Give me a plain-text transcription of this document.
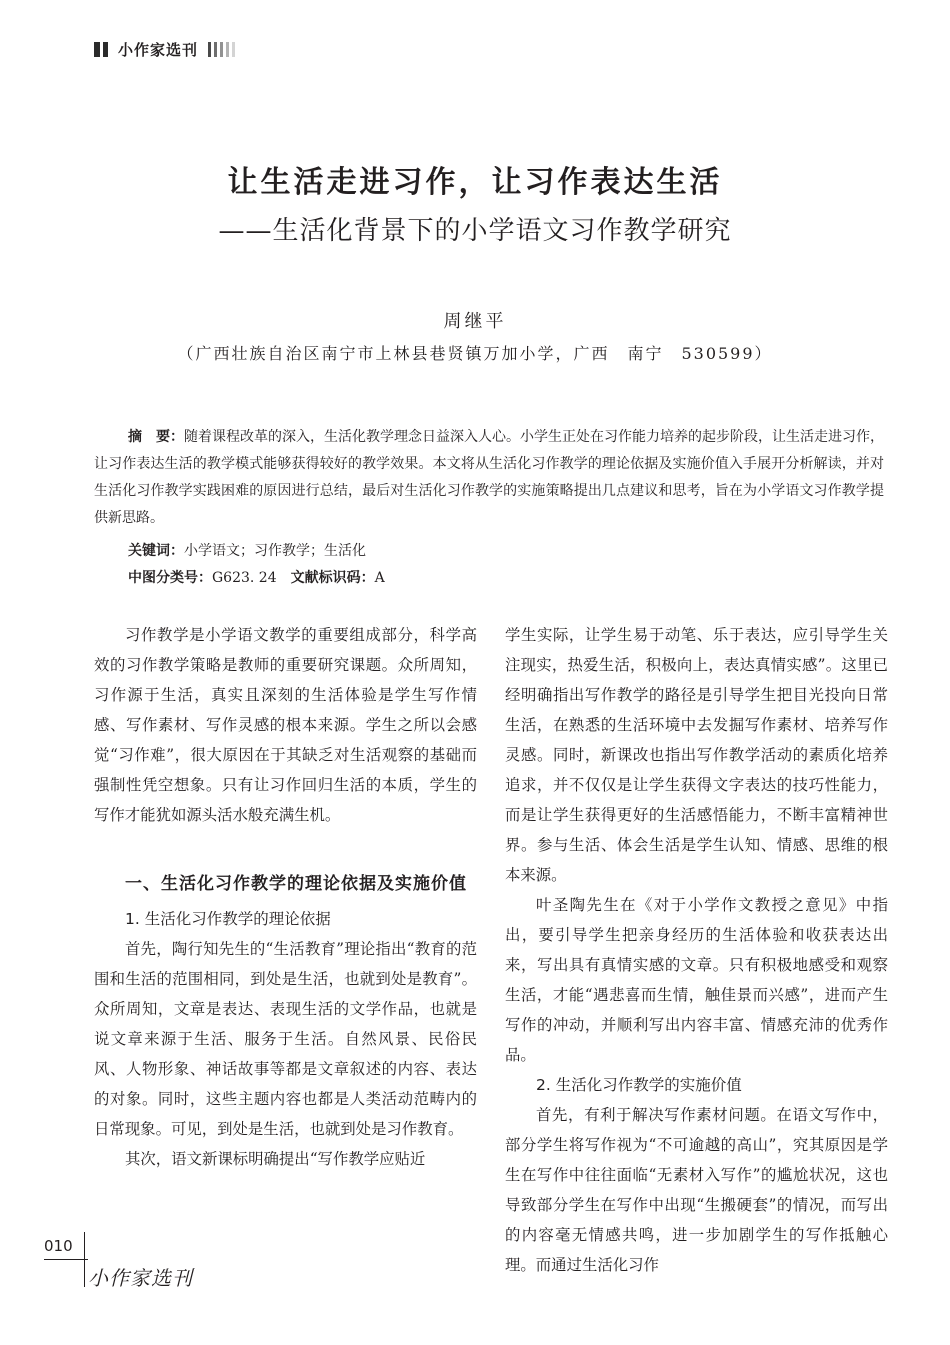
小作家选刊
让生活走进习作，让习作表达生活
——生活化背景下的小学语文习作教学研究
周继平
（广西壮族自治区南宁市上林县巷贤镇万加小学，广西　南宁　530599）

摘　要：随着课程改革的深入，生活化教学理念日益深入人心。小学生正处在习作能力培养的起步阶段，让生活走进习作，让习作表达生活的教学模式能够获得较好的教学效果。本文将从生活化习作教学的理论依据及实施价值入手展开分析解读，并对生活化习作教学实践困难的原因进行总结，最后对生活化习作教学的实施策略提出几点建议和思考，旨在为小学语文习作教学提供新思路。

关键词：小学语文；习作教学；生活化
中图分类号：G623. 24  文献标识码：A

习作教学是小学语文教学的重要组成部分，科学高效的习作教学策略是教师的重要研究课题。众所周知，习作源于生活，真实且深刻的生活体验是学生写作情感、写作素材、写作灵感的根本来源。学生之所以会感觉“习作难”，很大原因在于其缺乏对生活观察的基础而强制性凭空想象。只有让习作回归生活的本质，学生的写作才能犹如源头活水般充满生机。

一、生活化习作教学的理论依据及实施价值
1. 生活化习作教学的理论依据

首先，陶行知先生的“生活教育”理论指出“教育的范围和生活的范围相同，到处是生活，也就到处是教育”。众所周知，文章是表达、表现生活的文学作品，也就是说文章来源于生活、服务于生活。自然风景、民俗民风、人物形象、神话故事等都是文章叙述的内容、表达的对象。同时，这些主题内容也都是人类活动范畴内的日常现象。可见，到处是生活，也就到处是习作教育。

其次，语文新课标明确提出“写作教学应贴近

学生实际，让学生易于动笔、乐于表达，应引导学生关注现实，热爱生活，积极向上，表达真情实感”。这里已经明确指出写作教学的路径是引导学生把目光投向日常生活，在熟悉的生活环境中去发掘写作素材、培养写作灵感。同时，新课改也指出写作教学活动的素质化培养追求，并不仅仅是让学生获得文字表达的技巧性能力，而是让学生获得更好的生活感悟能力，不断丰富精神世界。参与生活、体会生活是学生认知、情感、思维的根本来源。

叶圣陶先生在《对于小学作文教授之意见》中指出，要引导学生把亲身经历的生活体验和收获表达出来，写出具有真情实感的文章。只有积极地感受和观察生活，才能“遇悲喜而生情，触佳景而兴感”，进而产生写作的冲动，并顺利写出内容丰富、情感充沛的优秀作品。

2. 生活化习作教学的实施价值

首先，有利于解决写作素材问题。在语文写作中，部分学生将写作视为“不可逾越的高山”，究其原因是学生在写作中往往面临“无素材入写作”的尴尬状况，这也导致部分学生在写作中出现“生搬硬套”的情况，而写出的内容毫无情感共鸣，进一步加剧学生的写作抵触心理。而通过生活化习作

010
小作家选刊
